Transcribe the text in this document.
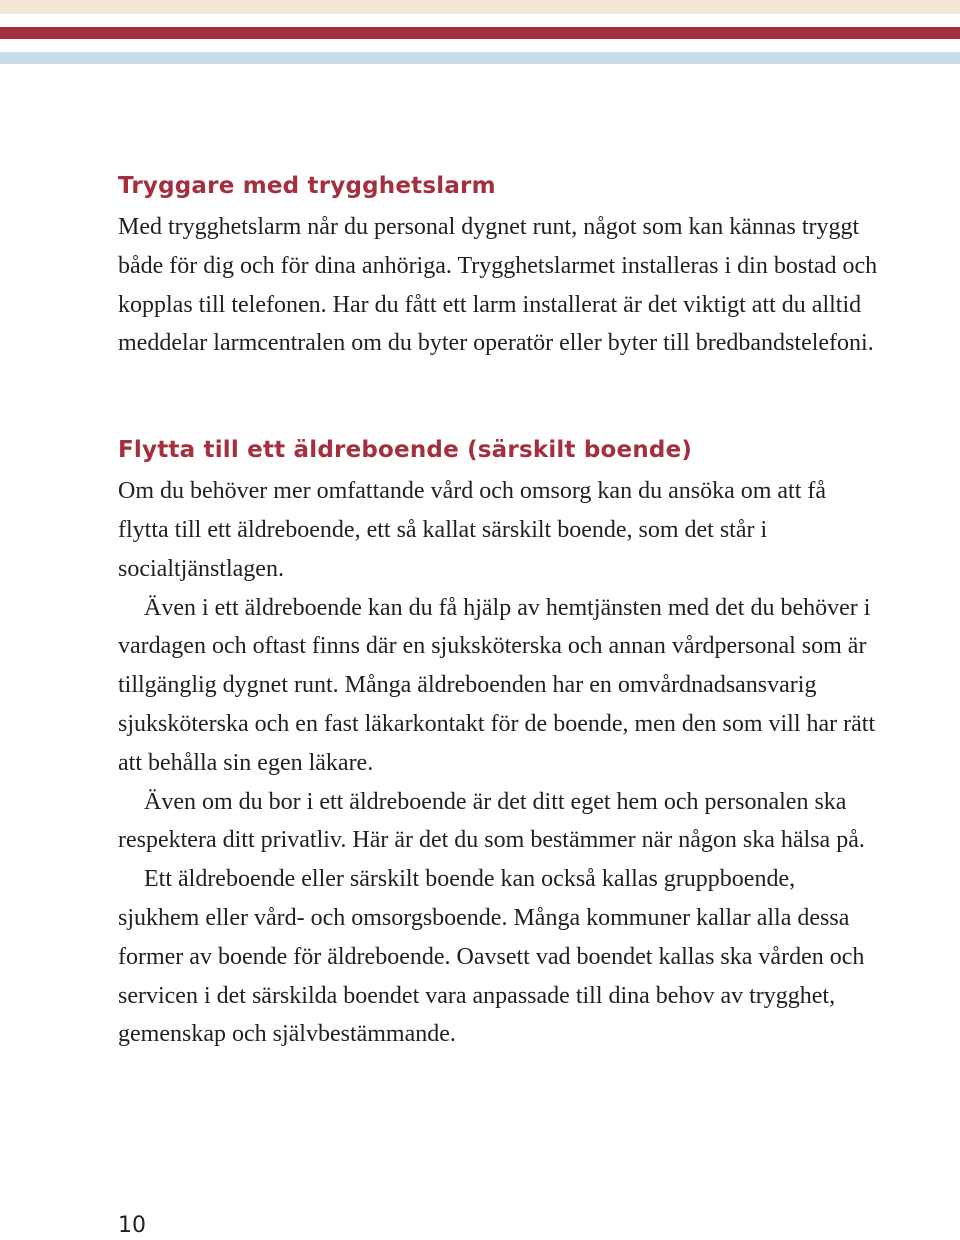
Tryggare med trygghetslarm

Med trygghetslarm når du personal dygnet runt, något som kan kännas tryggt både för dig och för dina anhöriga. Trygghetslarmet installeras i din bostad och kopplas till telefonen. Har du fått ett larm installerat är det viktigt att du alltid meddelar larmcentralen om du byter operatör eller byter till bredbandstelefoni.

Flytta till ett äldreboende (särskilt boende)

Om du behöver mer omfattande vård och omsorg kan du ansöka om att få flytta till ett äldreboende, ett så kallat särskilt boende, som det står i socialtjänstlagen.

Även i ett äldreboende kan du få hjälp av hemtjänsten med det du behöver i vardagen och oftast finns där en sjuksköterska och annan vårdpersonal som är tillgänglig dygnet runt. Många äldreboenden har en omvårdnadsansvarig sjuksköterska och en fast läkarkontakt för de boende, men den som vill har rätt att behålla sin egen läkare.

Även om du bor i ett äldreboende är det ditt eget hem och personalen ska respektera ditt privatliv. Här är det du som bestämmer när någon ska hälsa på.

Ett äldreboende eller särskilt boende kan också kallas gruppboende, sjukhem eller vård- och omsorgsboende. Många kommuner kallar alla dessa former av boende för äldreboende. Oavsett vad boendet kallas ska vården och servicen i det särskilda boendet vara anpassade till dina behov av trygghet, gemenskap och självbestämmande.

10
